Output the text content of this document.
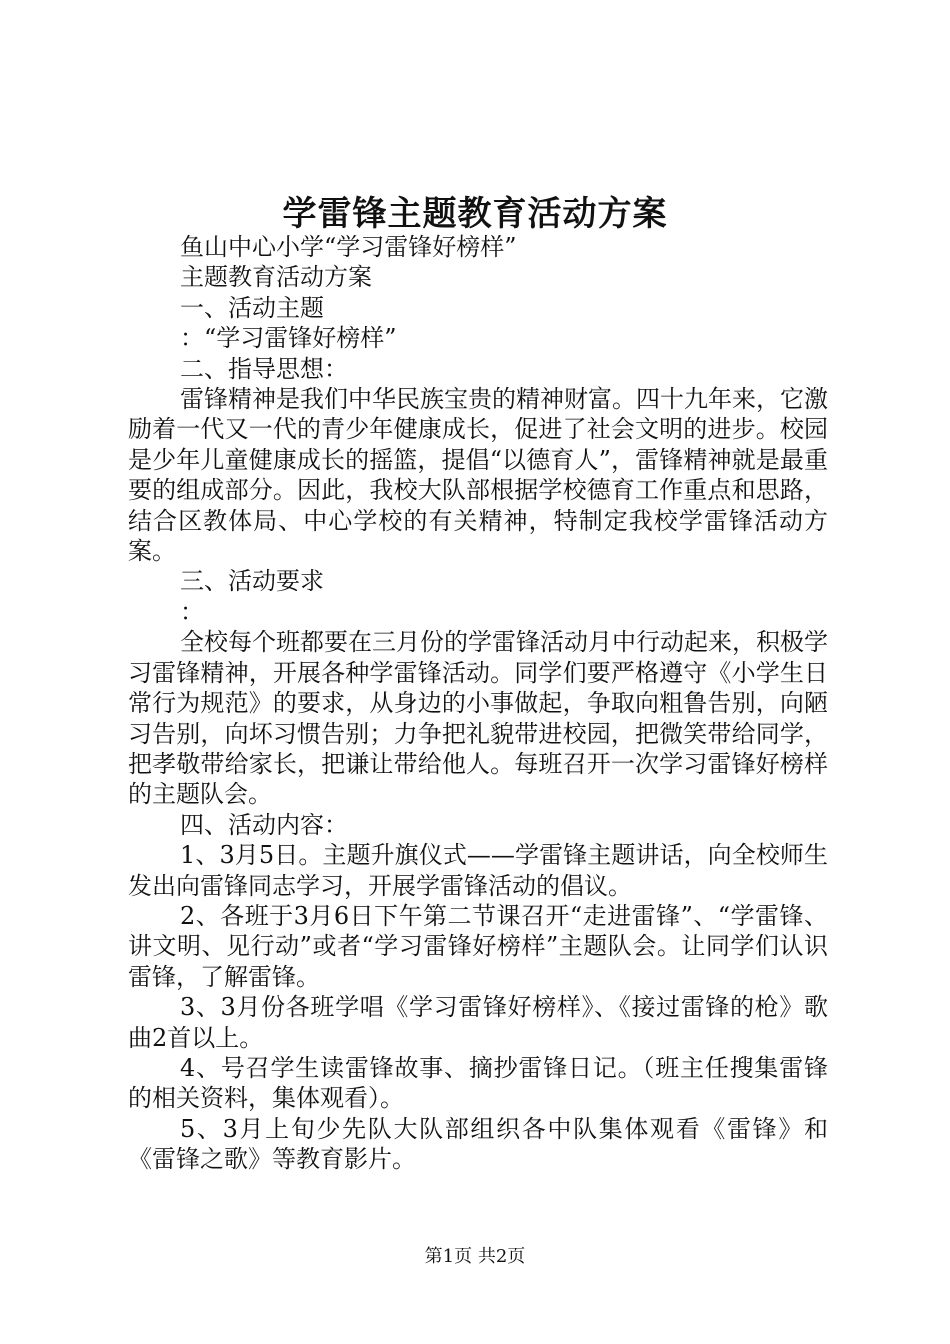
学雷锋主题教育活动方案

鱼山中心小学“学习雷锋好榜样”

主题教育活动方案

一、活动主题

：“学习雷锋好榜样”

二、指导思想：

雷锋精神是我们中华民族宝贵的精神财富。四十九年来，它激励着一代又一代的青少年健康成长，促进了社会文明的进步。校园是少年儿童健康成长的摇篮，提倡“以德育人”，雷锋精神就是最重要的组成部分。因此，我校大队部根据学校德育工作重点和思路，结合区教体局、中心学校的有关精神，特制定我校学雷锋活动方案。

三、活动要求

：

全校每个班都要在三月份的学雷锋活动月中行动起来，积极学习雷锋精神，开展各种学雷锋活动。同学们要严格遵守《小学生日常行为规范》的要求，从身边的小事做起，争取向粗鲁告别，向陋习告别，向坏习惯告别；力争把礼貌带进校园，把微笑带给同学，把孝敬带给家长，把谦让带给他人。每班召开一次学习雷锋好榜样的主题队会。

四、活动内容：

1、3月5日。主题升旗仪式——学雷锋主题讲话，向全校师生发出向雷锋同志学习，开展学雷锋活动的倡议。

2、各班于3月6日下午第二节课召开“走进雷锋”、“学雷锋、讲文明、见行动”或者“学习雷锋好榜样”主题队会。让同学们认识雷锋，了解雷锋。

3、3月份各班学唱《学习雷锋好榜样》、《接过雷锋的枪》歌曲2首以上。

4、号召学生读雷锋故事、摘抄雷锋日记。（班主任搜集雷锋的相关资料，集体观看）。

5、3月上旬少先队大队部组织各中队集体观看《雷锋》和《雷锋之歌》等教育影片。

第1页 共2页
